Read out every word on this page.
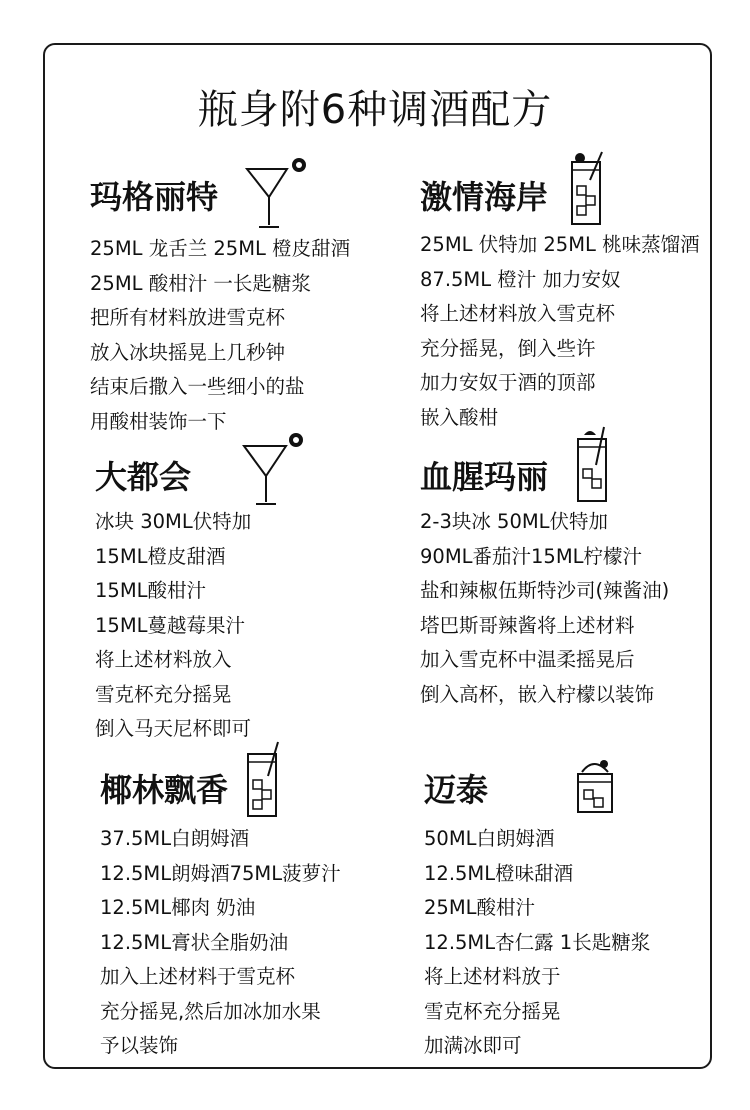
瓶身附6种调酒配方
玛格丽特
25ML 龙舌兰 25ML 橙皮甜酒
25ML 酸柑汁 一长匙糖浆
把所有材料放进雪克杯
放入冰块摇晃上几秒钟
结束后撒入一些细小的盐
用酸柑装饰一下
激情海岸
25ML 伏特加 25ML 桃味蒸馏酒
87.5ML 橙汁 加力安奴
将上述材料放入雪克杯
充分摇晃，倒入些许
加力安奴于酒的顶部
嵌入酸柑
大都会
冰块 30ML伏特加
15ML橙皮甜酒
15ML酸柑汁
15ML蔓越莓果汁
将上述材料放入
雪克杯充分摇晃
倒入马天尼杯即可
血腥玛丽
2-3块冰 50ML伏特加
90ML番茄汁15ML柠檬汁
盐和辣椒伍斯特沙司(辣酱油)
塔巴斯哥辣酱将上述材料
加入雪克杯中温柔摇晃后
倒入高杯，嵌入柠檬以装饰
椰林飘香
37.5ML白朗姆酒
12.5ML朗姆酒75ML菠萝汁
12.5ML椰肉 奶油
12.5ML膏状全脂奶油
加入上述材料于雪克杯
充分摇晃,然后加冰加水果
予以装饰
迈泰
50ML白朗姆酒
12.5ML橙味甜酒
25ML酸柑汁
12.5ML杏仁露 1长匙糖浆
将上述材料放于
雪克杯充分摇晃
加满冰即可
